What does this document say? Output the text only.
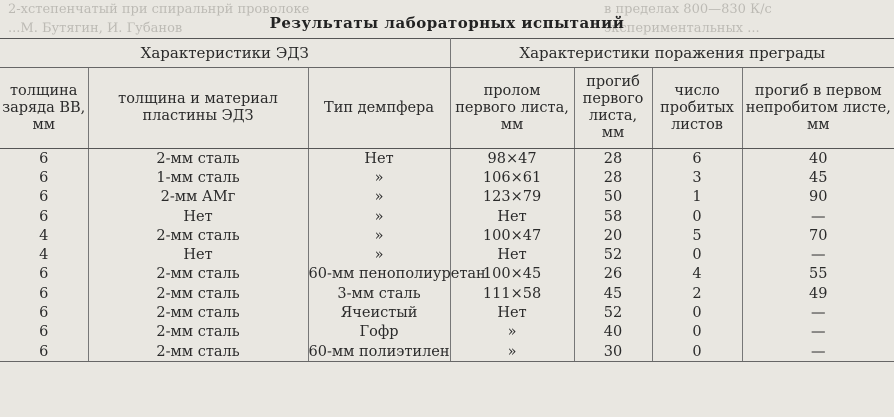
2-хстепенчатый при спиральнрй проволоке
...М. Бутягин, И. Губанов
в пределах 800—830 К/с
экспериментальных ...
Результаты лабораторных испытаний
Характеристики ЭДЗ			Характеристики поражения преграды			
толщина заряда ВВ, мм	толщина и материал пластины ЭДЗ	Тип демпфера	пролом первого листа, мм	прогиб первого листа, мм	число пробитых листов	прогиб в первом непробитом листе, мм
6	2-мм сталь	Нет	98×47	28	6	40
6	1-мм сталь	»	106×61	28	3	45
6	2-мм АМг	»	123×79	50	1	90
6	Нет	»	Нет	58	0	—
4	2-мм сталь	»	100×47	20	5	70
4	Нет	»	Нет	52	0	—
6	2-мм сталь	60-мм пенополиуретан	100×45	26	4	55
6	2-мм сталь	3-мм сталь	111×58	45	2	49
6	2-мм сталь	Ячеистый	Нет	52	0	—
6	2-мм сталь	Гофр	»	40	0	—
6	2-мм сталь	60-мм полиэтилен	»	30	0	—
